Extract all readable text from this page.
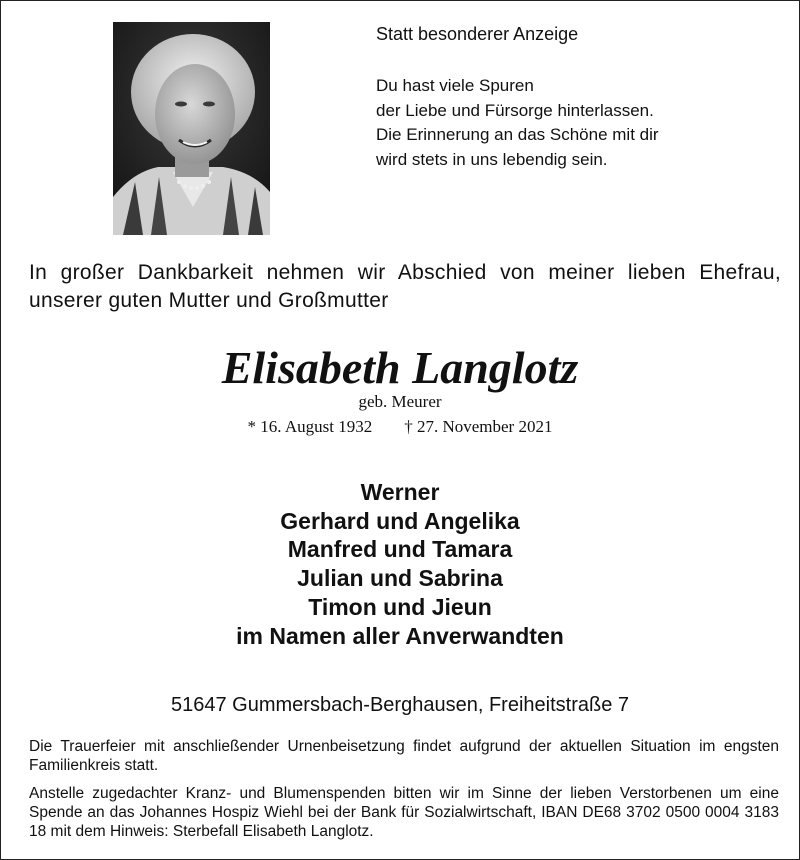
Statt besonderer Anzeige
Du hast viele Spuren
der Liebe und Fürsorge hinterlassen.
Die Erinnerung an das Schöne mit dir
wird stets in uns lebendig sein.
In großer Dankbarkeit nehmen wir Abschied von meiner lieben Ehefrau, unserer guten Mutter und Großmutter
Elisabeth Langlotz
geb. Meurer
* 16. August 1932 † 27. November 2021
Werner
Gerhard und Angelika
Manfred und Tamara
Julian und Sabrina
Timon und Jieun
im Namen aller Anverwandten
51647 Gummersbach-Berghausen, Freiheitstraße 7
Die Trauerfeier mit anschließender Urnenbeisetzung findet aufgrund der aktuellen Situation im engsten Familienkreis statt.
Anstelle zugedachter Kranz- und Blumenspenden bitten wir im Sinne der lieben Verstorbenen um eine Spende an das Johannes Hospiz Wiehl bei der Bank für Sozialwirtschaft, IBAN DE68 3702 0500 0004 3183 18 mit dem Hinweis: Sterbefall Elisabeth Langlotz.
